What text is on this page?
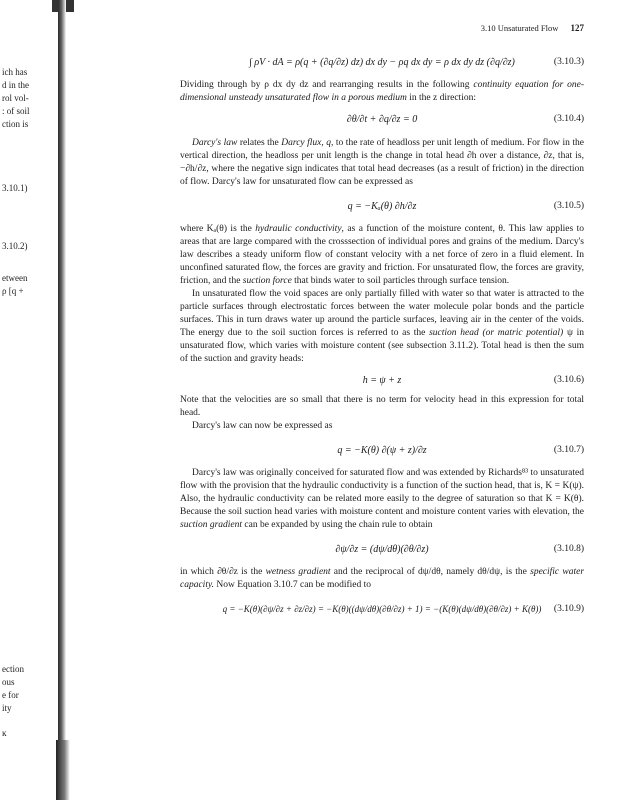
ich has
d in the
rol vol-
: of soil
ction is
3.10.1)
3.10.2)
etween
ρ [q +
ection
ous
e for
ity
ĸ
3.10 Unsaturated Flow 127
∫ ρV · dA = ρ(q + (∂q/∂z) dz) dx dy − ρq dx dy = ρ dx dy dz (∂q/∂z)	(3.10.3)

Dividing through by ρ dx dy dz and rearranging results in the following continuity equation for one-dimensional unsteady unsaturated flow in a porous medium in the z direction:

∂θ/∂t + ∂q/∂z = 0	(3.10.4)

Darcy's law relates the Darcy flux, q, to the rate of headloss per unit length of medium. For flow in the vertical direction, the headloss per unit length is the change in total head ∂h over a distance, ∂z, that is, −∂h/∂z, where the negative sign indicates that total head decreases (as a result of friction) in the direction of flow. Darcy's law for unsaturated flow can be expressed as

q = −Kₐ(θ) ∂h/∂z	(3.10.5)

where Kₐ(θ) is the hydraulic conductivity, as a function of the moisture content, θ. This law applies to areas that are large compared with the crosssection of individual pores and grains of the medium. Darcy's law describes a steady uniform flow of constant velocity with a net force of zero in a fluid element. In unconfined saturated flow, the forces are gravity and friction. For unsaturated flow, the forces are gravity, friction, and the suction force that binds water to soil particles through surface tension.

In unsaturated flow the void spaces are only partially filled with water so that water is attracted to the particle surfaces through electrostatic forces between the water molecule polar bonds and the particle surfaces. This in turn draws water up around the particle surfaces, leaving air in the center of the voids. The energy due to the soil suction forces is referred to as the suction head (or matric potential) ψ in unsaturated flow, which varies with moisture content (see subsection 3.11.2). Total head is then the sum of the suction and gravity heads:

h = ψ + z	(3.10.6)

Note that the velocities are so small that there is no term for velocity head in this expression for total head.

Darcy's law can now be expressed as

q = −K(θ) ∂(ψ + z)/∂z	(3.10.7)

Darcy's law was originally conceived for saturated flow and was extended by Richards⁸³ to unsaturated flow with the provision that the hydraulic conductivity is a function of the suction head, that is, K = K(ψ). Also, the hydraulic conductivity can be related more easily to the degree of saturation so that K = K(θ). Because the soil suction head varies with moisture content and moisture content varies with elevation, the suction gradient can be expanded by using the chain rule to obtain

∂ψ/∂z = (dψ/dθ)(∂θ/∂z)	(3.10.8)

in which ∂θ/∂z is the wetness gradient and the reciprocal of dψ/dθ, namely dθ/dψ, is the specific water capacity. Now Equation 3.10.7 can be modified to

q = −K(θ)(∂ψ/∂z + ∂z/∂z) = −K(θ)((dψ/dθ)(∂θ/∂z) + 1) = −(K(θ)(dψ/dθ)(∂θ/∂z) + K(θ)) (3.10.9)
